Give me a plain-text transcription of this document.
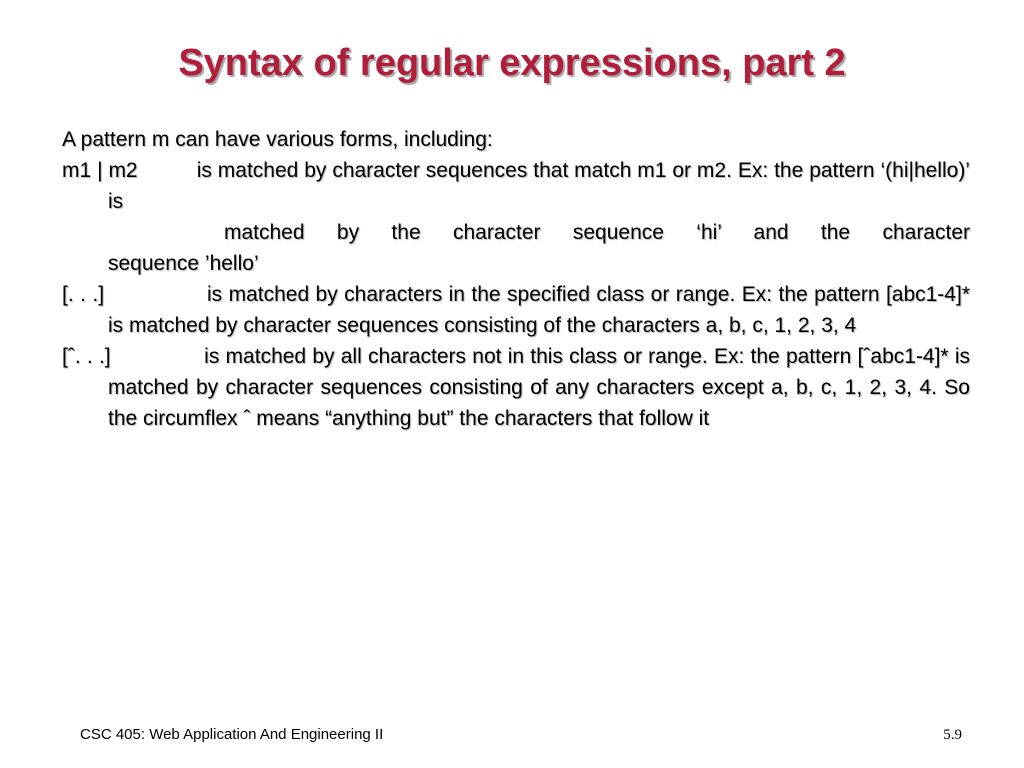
Syntax of regular expressions, part 2

A pattern m can have various forms, including:

m1 | m2          is matched by character sequences that match m1 or m2. Ex: the pattern ‘(hi|hello)’ is

matched by the character sequence ‘hi’ and the character

sequence ’hello’

[. . .]                is matched by characters in the specified class or range. Ex: the pattern [abc1-4]* is matched by character sequences consisting of the characters a, b, c, 1, 2, 3, 4

[ˆ. . .]               is matched by all characters not in this class or range. Ex: the pattern [ˆabc1-4]* is matched by character sequences consisting of any characters except a, b, c, 1, 2, 3, 4. So the circumflex ˆ means “anything but” the characters that follow it

CSC 405: Web Application And Engineering II	5.9
